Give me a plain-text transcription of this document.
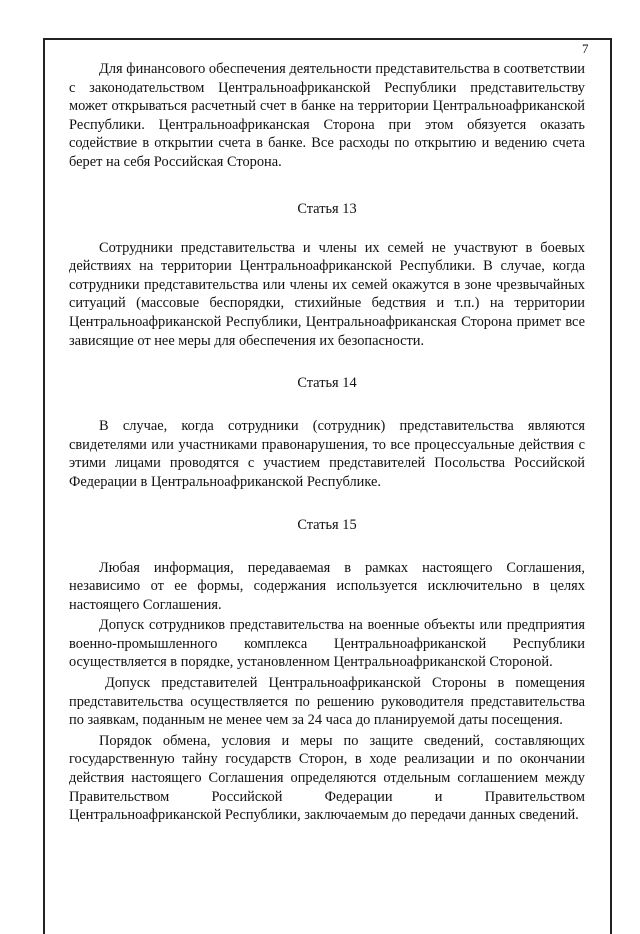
7

Для финансового обеспечения деятельности представительства в соответствии с законодательством Центральноафриканской Республики представительству может открываться расчетный счет в банке на территории Центральноафриканской Республики. Центральноафриканская Сторона при этом обязуется оказать содействие в открытии счета в банке. Все расходы по открытию и ведению счета берет на себя Российская Сторона.

Статья 13

Сотрудники представительства и члены их семей не участвуют в боевых действиях на территории Центральноафриканской Республики. В случае, когда сотрудники представительства или члены их семей окажутся в зоне чрезвычайных ситуаций (массовые беспорядки, стихийные бедствия и т.п.) на территории Центральноафриканской Республики, Центральноафриканская Сторона примет все зависящие от нее меры для обеспечения их безопасности.

Статья 14

В случае, когда сотрудники (сотрудник) представительства являются свидетелями или участниками правонарушения, то все процессуальные действия с этими лицами проводятся с участием представителей Посольства Российской Федерации в Центральноафриканской Республике.

Статья 15

Любая информация, передаваемая в рамках настоящего Соглашения, независимо от ее формы, содержания используется исключительно в целях настоящего Соглашения.

Допуск сотрудников представительства на военные объекты или предприятия военно-промышленного комплекса Центральноафриканской Республики осуществляется в порядке, установленном Центральноафриканской Стороной.

Допуск представителей Центральноафриканской Стороны в помещения представительства осуществляется по решению руководителя представительства по заявкам, поданным не менее чем за 24 часа до планируемой даты посещения.

Порядок обмена, условия и меры по защите сведений, составляющих государственную тайну государств Сторон, в ходе реализации и по окончании действия настоящего Соглашения определяются отдельным соглашением между Правительством Российской Федерации и Правительством Центральноафриканской Республики, заключаемым до передачи данных сведений.
